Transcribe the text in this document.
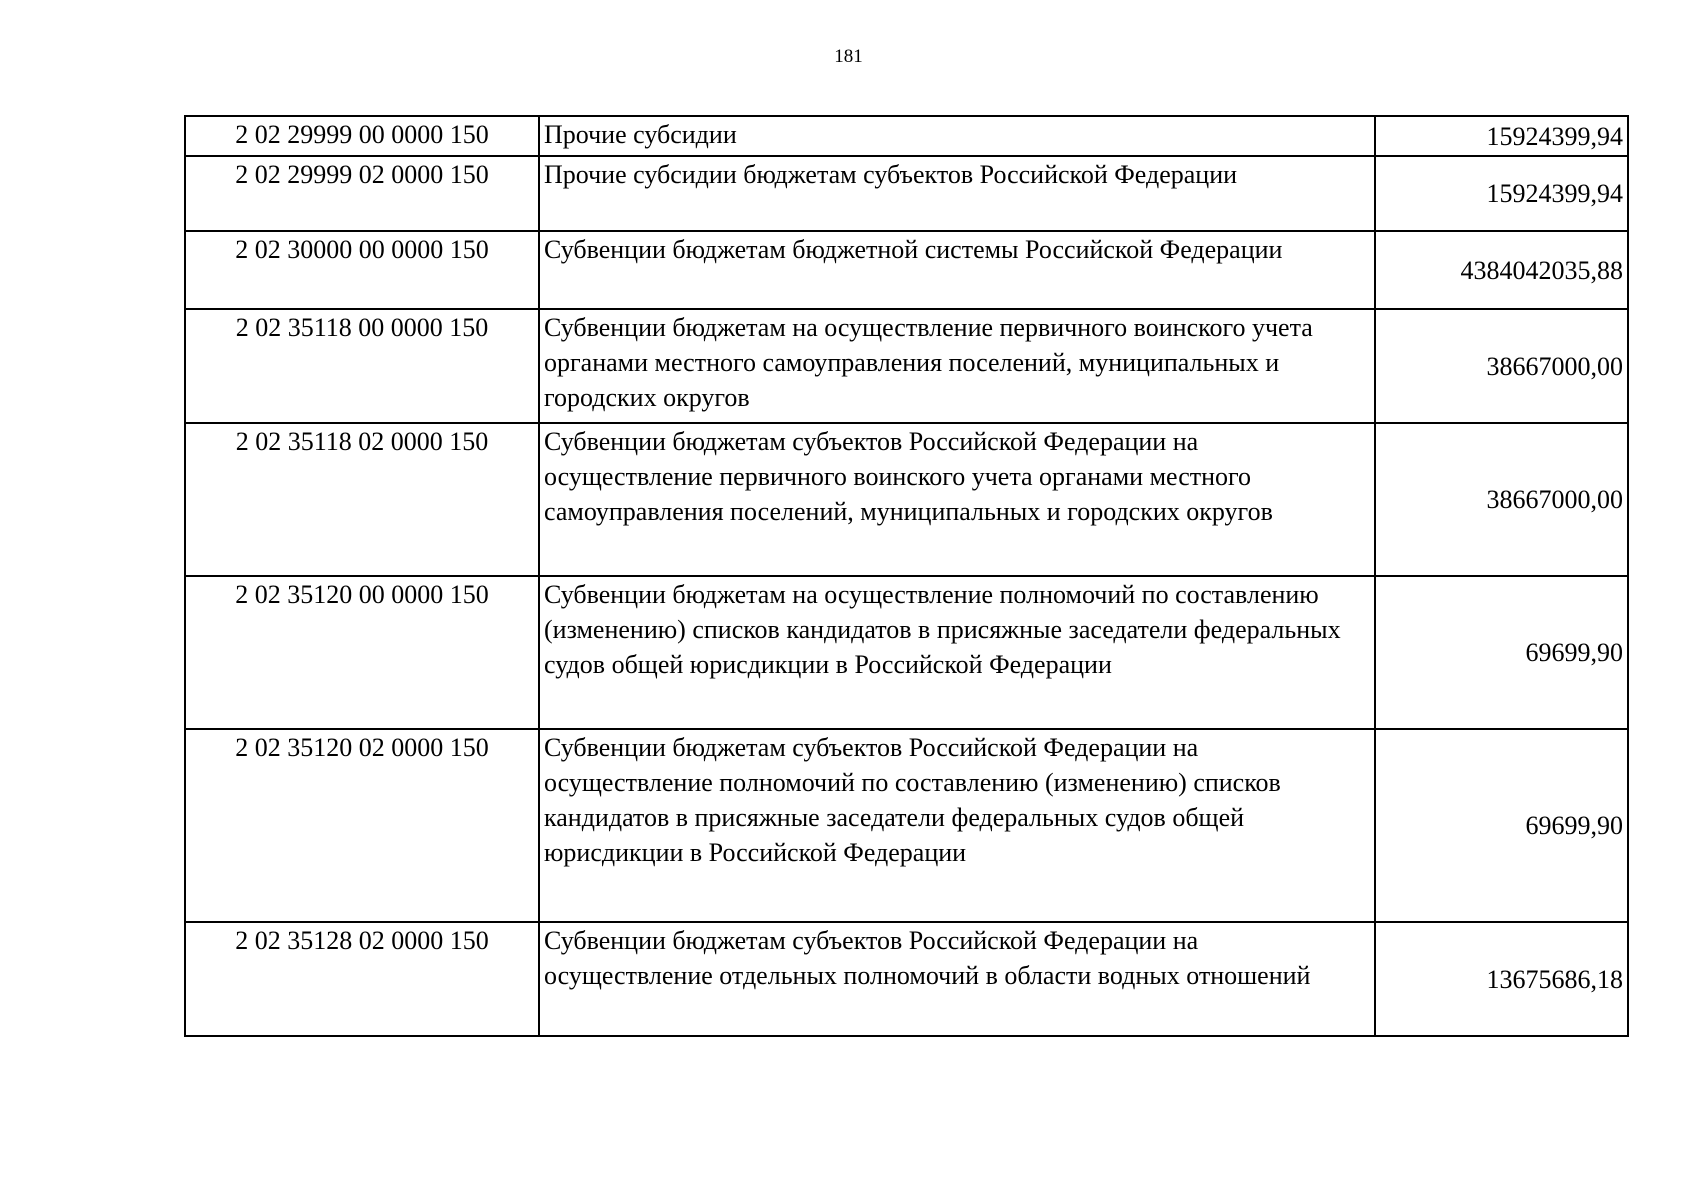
181
2 02 29999 00 0000 150	Прочие субсидии	15924399,94
2 02 29999 02 0000 150	Прочие субсидии бюджетам субъектов Российской Федерации	15924399,94
2 02 30000 00 0000 150	Субвенции бюджетам бюджетной системы Российской Федерации	4384042035,88
2 02 35118 00 0000 150	Субвенции бюджетам на осуществление первичного воинского учета органами местного самоуправления поселений, муниципальных и городских округов	38667000,00
2 02 35118 02 0000 150	Субвенции бюджетам субъектов Российской Федерации на осуществление первичного воинского учета органами местного самоуправления поселений, муниципальных и городских округов	38667000,00
2 02 35120 00 0000 150	Субвенции бюджетам на осуществление полномочий по составлению (изменению) списков кандидатов в присяжные заседатели федеральных судов общей юрисдикции в Российской Федерации	69699,90
2 02 35120 02 0000 150	Субвенции бюджетам субъектов Российской Федерации на осуществление полномочий по составлению (изменению) списков кандидатов в присяжные заседатели федеральных судов общей юрисдикции в Российской Федерации	69699,90
2 02 35128 02 0000 150	Субвенции бюджетам субъектов Российской Федерации на осуществление отдельных полномочий в области водных отношений	13675686,18
